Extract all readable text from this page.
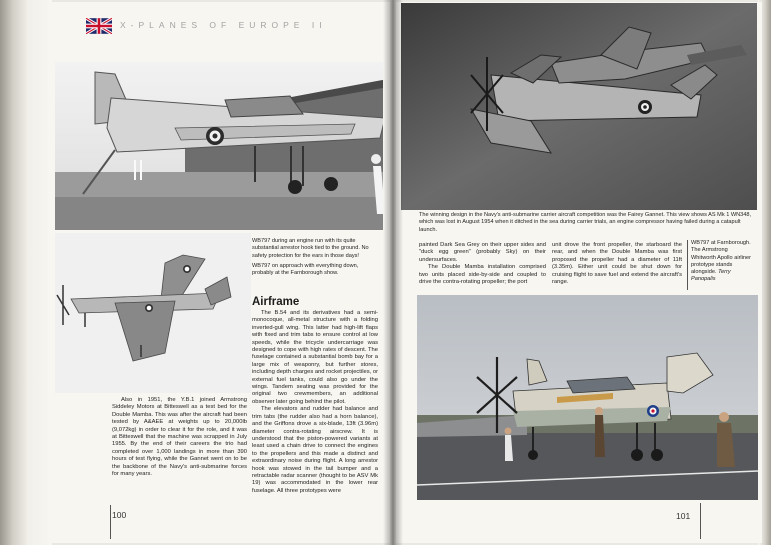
X-PLANES OF EUROPE II
WB797 during an engine run with its quite substantial arrestor hook tied to the ground. No safety protection for the ears in those days!
WB797 on approach with everything down, probably at the Farnborough show.
Airframe

The B.54 and its derivatives had a semi-monocoque, all-metal structure with a folding inverted-gull wing. This latter had high-lift flaps with fixed and trim tabs to ensure control at low speeds, while the tricycle undercarriage was designed to cope with high rates of descent. The fuselage contained a substantial bomb bay for a large mix of weaponry, but further stores, including depth charges and rocket projectiles, or external fuel tanks, could also go under the wings. Tandem seating was provided for the original two crewmembers, an additional observer later going behind the pilot.

The elevators and rudder had balance and trim tabs (the rudder also had a horn balance), and the Griffons drove a six-blade, 13ft (3.96m) diameter contra-rotating airscrew. It is understood that the piston-powered variants at least used a chain drive to connect the engines to the propellers and this made a distinct and extraordinary noise during flight. A long arrestor hook was stowed in the tail bumper and a retractable radar scanner (thought to be ASV Mk 19) was accommodated in the lower rear fuselage. All three prototypes were

Also in 1951, the Y.B.1 joined Armstrong Siddeley Motors at Bitteswell as a test bed for the Double Mamba. This was after the aircraft had been tested by A&AEE at weights up to 20,000lb (9,072kg) in order to clear it for the role, and it was at Bitteswell that the machine was scrapped in July 1955. By the end of their careers the trio had completed over 1,000 landings in more than 390 hours of test flying, while the Gannet went on to be the backbone of the Navy's anti-submarine forces for many years.

100
The winning design in the Navy's anti-submarine carrier aircraft competition was the Fairey Gannet. This view shows AS Mk 1 WN348, which was lost in August 1954 when it ditched in the sea during carrier trials, an engine compressor having failed during a catapult launch.

painted Dark Sea Grey on their upper sides and "duck egg green" (probably Sky) on their undersurfaces.

The Double Mamba installation comprised two units placed side-by-side and coupled to drive the contra-rotating propeller; the port

unit drove the front propeller, the starboard the rear, and when the Double Mamba was first proposed the propeller had a diameter of 11ft (3.35m). Either unit could be shut down for cruising flight to save fuel and extend the aircraft's range.

WB797 at Farnborough. The Armstrong Whitworth Apollo airliner prototype stands alongside. Terry Panopalis
101
